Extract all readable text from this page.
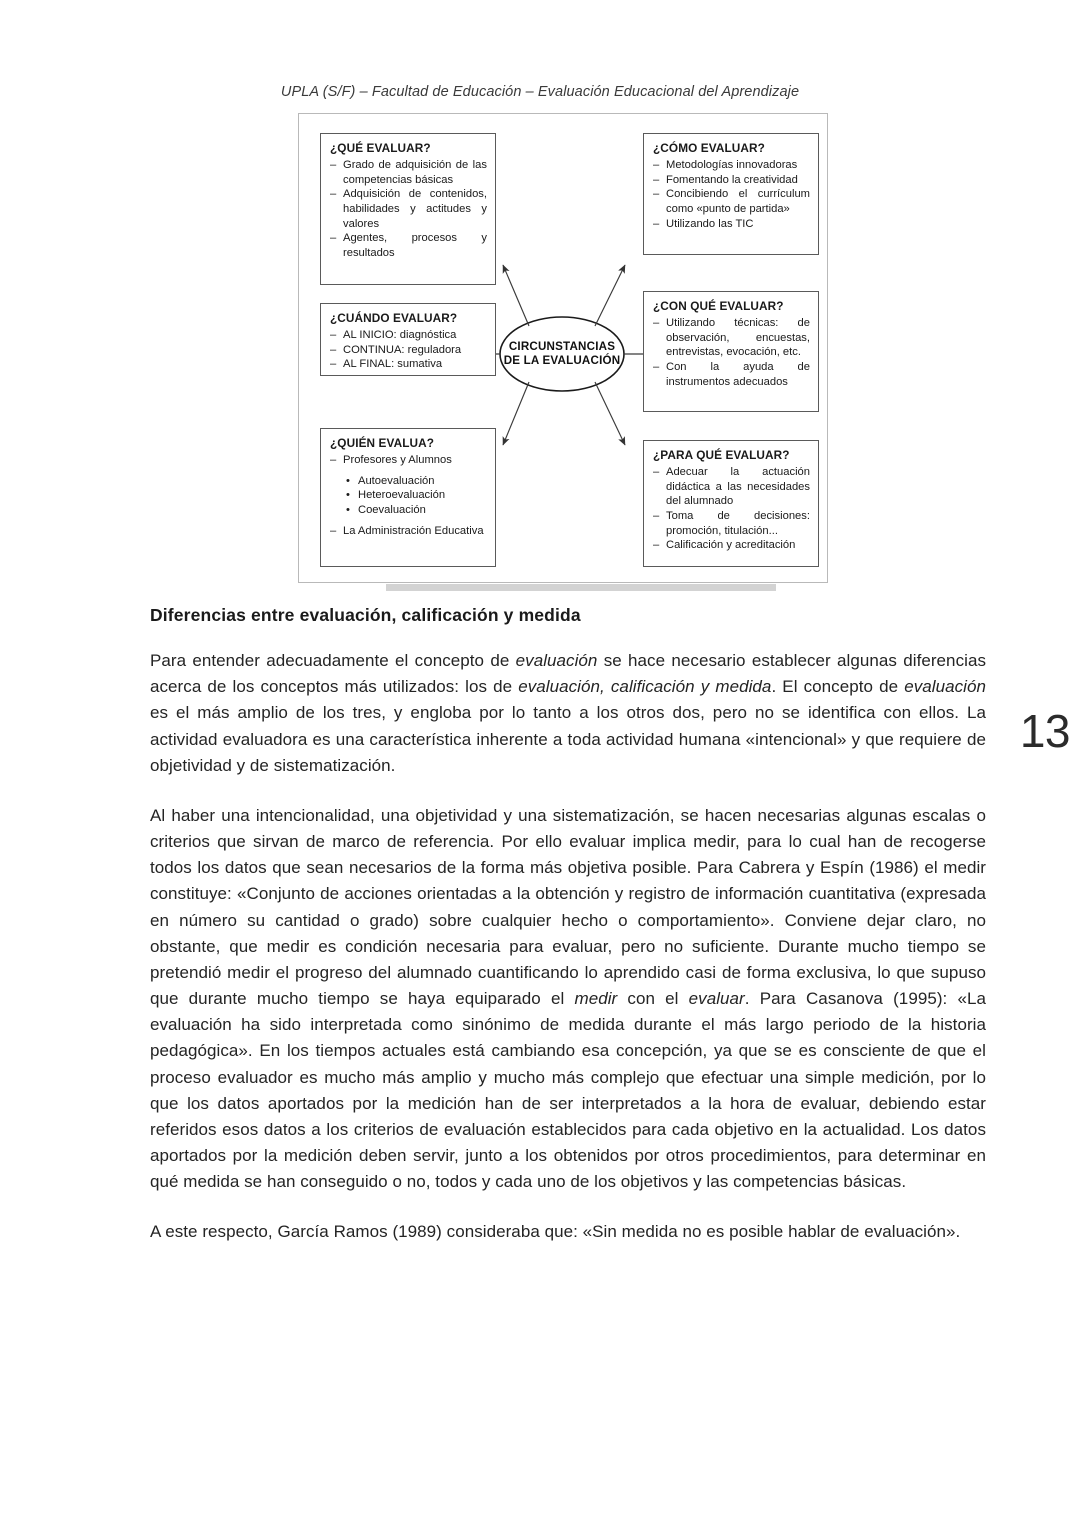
UPLA (S/F) – Facultad de Educación – Evaluación Educacional del Aprendizaje
CIRCUNSTANCIAS
DE LA EVALUACIÓN
¿QUÉ EVALUAR?
– Grado de adquisición de las competencias básicas
– Adquisición de contenidos, habilidades y actitudes y valores
– Agentes, procesos y resultados
¿CUÁNDO EVALUAR?
– AL INICIO: diagnóstica
– CONTINUA: reguladora
– AL FINAL: sumativa
¿QUIÉN EVALUA?
– Profesores y Alumnos
• Autoevaluación
• Heteroevaluación
• Coevaluación
– La Administración Educativa
¿CÓMO EVALUAR?
– Metodologías innovadoras
– Fomentando la creatividad
– Concibiendo el currículum como «punto de partida»
– Utilizando las TIC
¿CON QUÉ EVALUAR?
– Utilizando técnicas: de observación, encuestas, entrevistas, evocación, etc.
– Con la ayuda de instrumentos adecuados
¿PARA QUÉ EVALUAR?
– Adecuar la actuación didáctica a las necesidades del alumnado
– Toma de decisiones: promoción, titulación...
– Calificación y acreditación
Diferencias entre evaluación, calificación y medida

Para entender adecuadamente el concepto de evaluación se hace necesario establecer algunas diferencias acerca de los conceptos más utilizados: los de evaluación, calificación y medida. El concepto de evaluación es el más amplio de los tres, y engloba por lo tanto a los otros dos, pero no se identifica con ellos. La actividad evaluadora es una característica inherente a toda actividad humana «intencional» y que requiere de objetividad y de sistematización.

Al haber una intencionalidad, una objetividad y una sistematización, se hacen necesarias algunas escalas o criterios que sirvan de marco de referencia. Por ello evaluar implica medir, para lo cual han de recogerse todos los datos que sean necesarios de la forma más objetiva posible. Para Cabrera y Espín (1986) el medir constituye: «Conjunto de acciones orientadas a la obtención y registro de información cuantitativa (expresada en número su cantidad o grado) sobre cualquier hecho o comportamiento». Conviene dejar claro, no obstante, que medir es condición necesaria para evaluar, pero no suficiente. Durante mucho tiempo se pretendió medir el progreso del alumnado cuantificando lo aprendido casi de forma exclusiva, lo que supuso que durante mucho tiempo se haya equiparado el medir con el evaluar. Para Casanova (1995): «La evaluación ha sido interpretada como sinónimo de medida durante el más largo periodo de la historia pedagógica». En los tiempos actuales está cambiando esa concepción, ya que se es consciente de que el proceso evaluador es mucho más amplio y mucho más complejo que efectuar una simple medición, por lo que los datos aportados por la medición han de ser interpretados a la hora de evaluar, debiendo estar referidos esos datos a los criterios de evaluación establecidos para cada objetivo en la actualidad. Los datos aportados por la medición deben servir, junto a los obtenidos por otros procedimientos, para determinar en qué medida se han conseguido o no, todos y cada uno de los objetivos y las competencias básicas.

A este respecto, García Ramos (1989) consideraba que: «Sin medida no es posible hablar de evaluación».

13
